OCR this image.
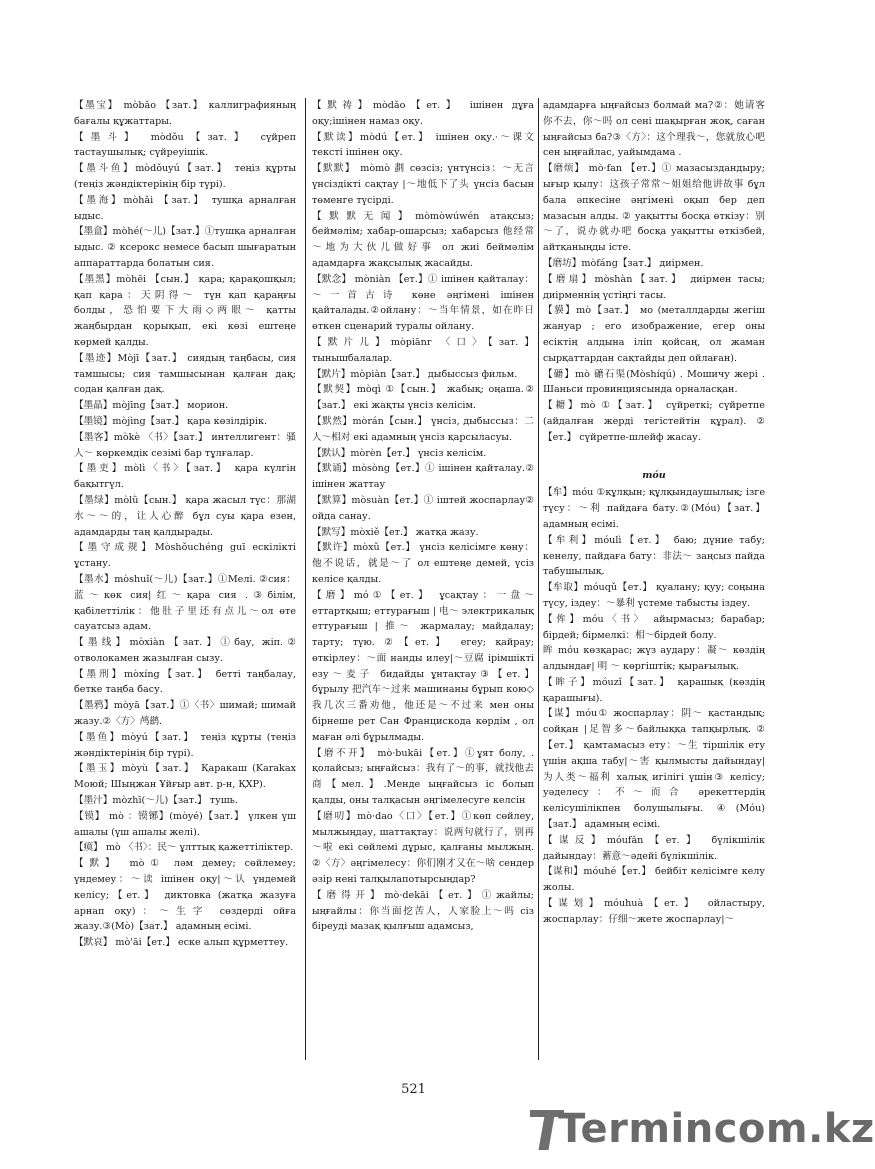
【墨宝】 mòbǎo 【зат.】 каллиграфияның бағалы құжаттары.

【墨斗】 mòdǒu【зат.】 сүйреп тастаушылық; сүйреуішік.

【墨斗鱼】mòdǒuyú【зат.】 теңіз құрты (теңіз жәндіктерінің бір түрі).

【墨海】mòhǎi 【зат.】 тушқа арналған ыдыс.

【墨盒】mòhé(～儿)【зат.】①тушқа арналған ыдыс. ② ксерокс немесе басып шығаратын аппараттарда болатын сия.

【墨黑】mòhēi 【сын.】 қара; қарақошқыл; қап қара：天阴得～ түн қап қараңғы болды，恐怕要下大雨◇两眼～ қатты жаңбырдан қорықып, екі көзі ештеңе көрмей қалды.

【墨迹】Mòjī【зат.】 сиядың таңбасы, сия тамшысы; сия тамшысынан қалған дақ; содан қалған дақ.

【墨晶】mòjīng【зат.】 морион.

【墨镜】mòjìng【зат.】 қара көзілдірік.

【墨客】mòkè 〈书〉【зат.】 интеллигент：骚人～ көркемдік сезімі бар тұлғалар.

【墨吏】mòlì〈书〉【зат.】 қара күлгін бақытгүл.

【墨绿】mòlǜ【сын.】 қара жасыл түс：那湖水～～的，让人心醉 бұл суы қара езен, адамдарды таң қалдырады.

【墨守成规】Mòshǒuchéng guī ескіліктi ұстану.

【墨水】mòshuǐ(～儿)【зат.】①Мелі. ②сия：蓝～көк сия|红～қара сия .③білім, қабілеттілік：他肚子里还有点儿～ол өте сауатсыз адам.

【墨线】mòxiàn【зат.】①бау, жіп.② отволокамен жазылған сызу.

【墨刑】mòxíng【зат.】 бетті таңбалау, бетке таңба басу.

【墨鸦】mòyā【зат.】①〈书〉шимай; шимай жазу.②〈方〉鸬鹚.

【墨鱼】mòyú【зат.】 теңіз құрты (теңіз жәндіктерінің бір түрі).

【墨玉】mòyù【зат.】 Қаракаш (Karakax Моюй; Шыңжан Ұйғыр авт. р-н, ҚХР).

【墨汁】mòzhī(～儿)【зат.】 тушь.

【镆】 mò ：镆铘】(mòyé)【зат.】 үлкен үш ашалы (үш ашалы желі).

【瘼】 mò 〈书〉：民～ ұлттық қажеттіліктер.

【默】 mò① ләм демеу; сөйлемеу; үндемеу：～读 ішінен оқу|～认 үндемей келісу;【ет.】 диктовка (жатқа жазуға арнап оқу)：～生字 сөздерді ойға жазу.③(Mò)【зат.】 адамның есімі.

【默哀】 mò'āi【ет.】 еске алып құрметтеу.

【默祷】mòdǎo【ет.】 ішінен дұға оқу;ішінен намаз оқу.

【默读】mòdú【ет.】 ішінен оқу.·～课文 тексті ішінен оқу.

【默默】 mòmò 劃 сөзсіз; үнтүнсіз：～无言 үнсіздікті сақтау |～地低下了头 үнсіз басын төменге түсірді.

【默默无闻】mòmòwúwén атақсыз; беймәлім; хабар-ошарсыз; хабарсыз 他经常～地为大伙儿做好事 ол жиі беймәлім адамдарға жақсылық жасайды.

【默念】 mòniàn 【ет.】① ішінен қайталау：～一首古诗 көне әңгімені ішінен қайталады.②ойлану：～当年情景，如在昨日 өткен сценарий туралы ойлану.

【默片儿】mòpiānr 〈口〉【зат.】 тынышбалалар.

【默片】mòpiàn【зат.】 дыбыссыз фильм.

【默契】mòqì ①【сын.】 жабық; оңаша.②【зат.】 екі жақты үнсіз келісім.

【默然】mòrán【сын.】 үнсіз, дыбыссыз：二人～相对 екі адамның үнсіз қарсыласуы.

【默认】mòrèn【ет.】 үнсіз келісім.

【默诵】mòsòng【ет.】① ішінен қайталау.② ішінен жаттау

【默算】mòsuàn【ет.】① іштей жоспарлау② ойда санау.

【默写】mòxiě【ет.】 жатқа жазу.

【默许】mòxǔ【ет.】 үнсіз келісімге көну：他不说话，就是～了 ол ештеңе демей, үсіз келісе қалды.

【磨】mó①【ет.】 ұсақтау：一盘～ еттартқыш; еттурағыш | 电～ электрикалық еттурағыш | 推～ жармалау; майдалау; тарту; түю. ②【ет.】 егеу; қайрау; өткірлеу：～面 нанды илеу|～豆腐 ірімшікті езу～麦子 бидайды ұнтақтау③【ет.】 бұрылу 把汽车～过来 машинаны бұрып кою◇我几次三番劝他，他还是～不过来 мен оны бірнеше рет Сан Францискода көрдім , ол маған әлі бұрылмады.

【磨不开】 mò·bukāi【ет.】①ұят болу, . қолайсыз; ыңғайсыз：我有了～的事，就找他去商【мел.】.Менде ыңғайсыз іс болып қалды, оны талқасын әңгімелесуге келсін

【磨叨】mò·dao〈口〉【ет.】①көп сөйлеу, мылжыңдау, шаттақтау：说两句就行了，别再～啦 екі сөйлемі дұрыс, қалғаны мылжың. ②〈方〉әңгімелесу：你们刚才又在～啥 сендер әзір нені талқылапотырсыңдар?

【磨得开】mò·dekāi【ет.】①жайлы; ыңғайлы：你当面挖苦人，人家脸上～吗 сіз біреуді мазақ қылғыш адамсыз,

адамдарға ыңғайсыз болмай ма?②：她请客你不去，你～吗 ол сені шақырған жоқ, саған ыңғайсыз ба?③〈方〉：这个理我～，您就放心吧 сен ыңғайлас, уайымдама .

【磨烦】 mò·fan 【ет.】① мазасыздандыру; ығыр қылу：这孩子常常～姐姐给他讲故事 бұл бала әпкесіне әңгімені оқып бер деп мазасын алды. ② уақытты босқа өткізу：别～了，说办就办吧 босқа уақытты өткізбей, айтқаныңды істе.

【磨坊】mòfáng【зат.】 диірмен.

【磨扇】mòshàn【зат.】 диірмен тасы; диірменнің үстіңгі тасы.

【貘】mò【зат.】 мо (металлдарды жегіш жануар ; его изображение, егер оны есіктің алдына іліп қойсаң, ол жаман сырқаттардан сақтайды деп ойлаған).

【礳】mò 礳石渠(Mòshíqú) . Мошичу жері . Шаньси провинциясында орналасқан.

【耱】mò ①【зат.】 сүйреткі; сүйретпе (айдалған жерді тегістейтін құрал). ②【ет.】 сүйретпе-шлейф жасау.

móu

【牟】móu ①құлқын; құлқындаушылық; ізге түсу：～利 пайдаға бату.②(Móu)【зат.】 адамның есімі.

【牟利】móulì【ет.】 баю; дүние табу; кенелу, пайдаға бату：非法～ заңсыз пайда табушылық.

【牟取】móuqǔ【ет.】 қуалану; қуу; соңына түсу, іздеу：～暴利 үстеме табысты іздеу.

【侔】móu〈书〉 айырмасыз; барабар; бірдей; бірмелкі：相～бірдей болу.

眸 móu көзқарас; жүз аудару：凝～ көздің алдындағ| 明 ～ көргіштік; қырағылық.

【眸子】móuzǐ【зат.】 қарашық (көздің қарашығы).

【谋】móu① жоспарлау：阴～ қастандық; сойқан |足智多～байлыққа тапқырлық. ② 【ет.】 қамтамасыз ету：～生 тіршілік ету үшін ақша табу|～害 қылмысты дайындау|为人类～福利 халық игілігі үшін③ келісу; уәделесу：不～而合 әрекеттердің келісушілікпен болушылығы. ④(Móu)【зат.】 адамның есімі.

【谋反】móufǎn【ет.】 бүлікшілік дайындау：蓄意～әдейі бүлікшілік.

【谋和】móuhé【ет.】 бейбіт келісімге келу жолы.

【谋划】móuhuà【ет.】 ойластыру, жоспарлау：仔细～жете жоспарлау|～

521
Termincom.kz
